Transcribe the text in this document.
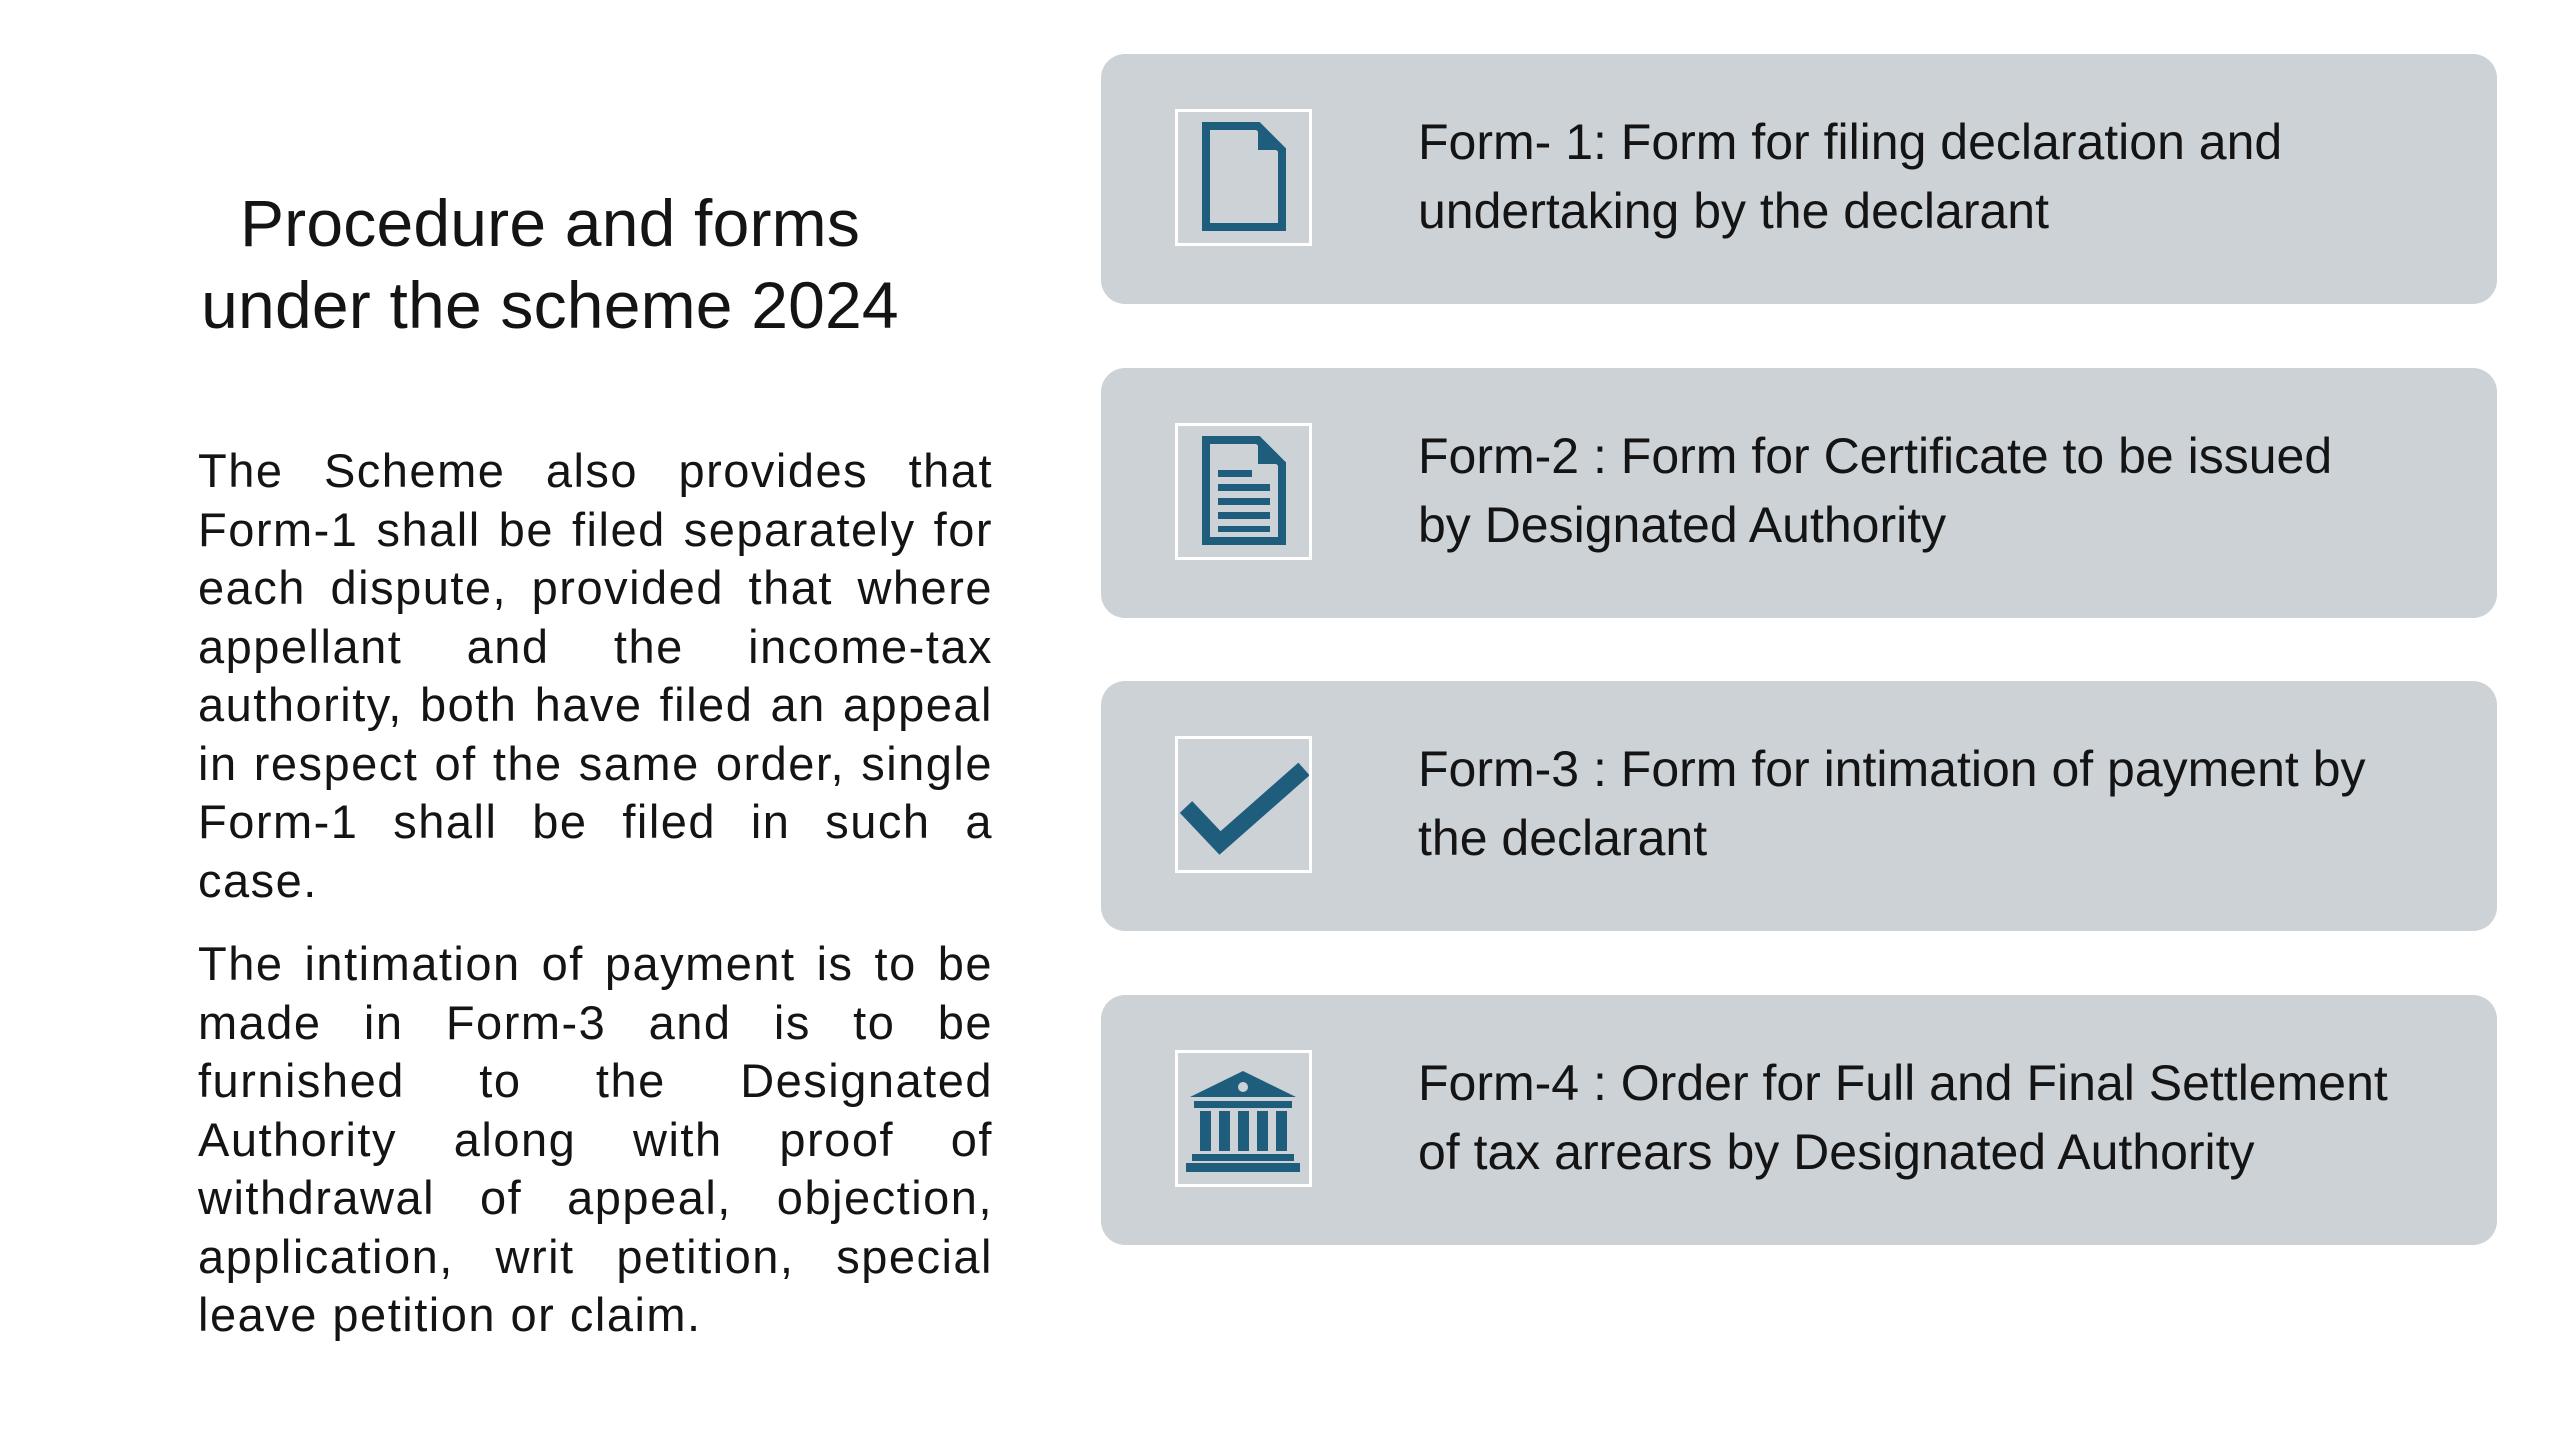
Procedure and forms
under the scheme 2024

The Scheme also provides that Form-1 shall be filed separately for each dispute, provided that where appellant and the income-tax authority, both have filed an appeal in respect of the same order, single Form-1 shall be filed in such a case.

The intimation of payment is to be made in Form-3 and is to be furnished to the Designated Authority along with proof of withdrawal of appeal, objection, application, writ petition, special leave petition or claim.

Form- 1: Form for filing declaration and
undertaking by the declarant
Form-2 : Form for Certificate to be issued
by Designated Authority
Form-3 : Form for intimation of payment by
the declarant
Form-4 : Order for Full and Final Settlement
of tax arrears by Designated Authority
